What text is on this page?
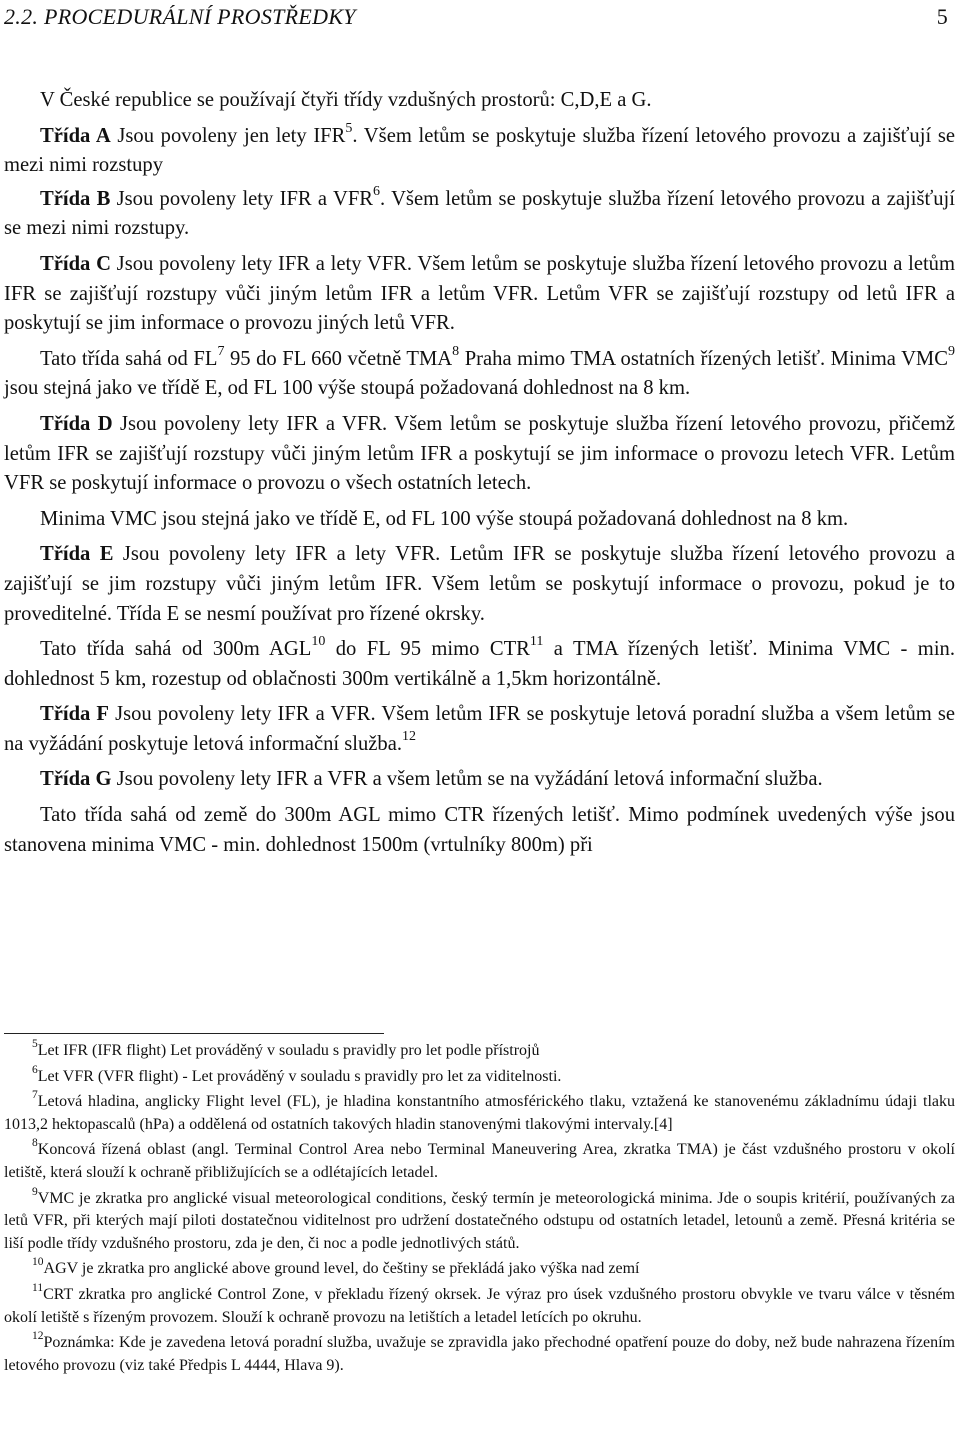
2.2. PROCEDURÁLNÍ PROSTŘEDKY	5

V České republice se používají čtyři třídy vzdušných prostorů: C,D,E a G.

Třída A Jsou povoleny jen lety IFR$^5$. Všem letům se poskytuje služba řízení letového provozu a zajišťují se mezi nimi rozstupy

Třída B Jsou povoleny lety IFR a VFR$^6$. Všem letům se poskytuje služba řízení letového provozu a zajišťují se mezi nimi rozstupy.

Třída C Jsou povoleny lety IFR a lety VFR. Všem letům se poskytuje služba řízení letového provozu a letům IFR se zajišťují rozstupy vůči jiným letům IFR a letům VFR. Letům VFR se zajišťují rozstupy od letů IFR a poskytují se jim informace o provozu jiných letů VFR.

Tato třída sahá od $FL^7$ 95 do FL 660 včetně TMA$^8$ Praha mimo TMA ostatních řízených letišť. Minima VMC$^9$ jsou stejná jako ve třídě E, od FL 100 výše stoupá požadovaná dohlednost na 8 km.

Třída D Jsou povoleny lety IFR a VFR. Všem letům se poskytuje služba řízení letového provozu, přičemž letům IFR se zajišťují rozstupy vůči jiným letům IFR a poskytují se jim informace o provozu letech VFR. Letům VFR se poskytují informace o provozu o všech ostatních letech.

Minima VMC jsou stejná jako ve třídě E, od FL 100 výše stoupá požadovaná dohlednost na 8 km.

Třída E Jsou povoleny lety IFR a lety VFR. Letům IFR se poskytuje služba řízení letového provozu a zajišťují se jim rozstupy vůči jiným letům IFR. Všem letům se poskytují informace o provozu, pokud je to proveditelné. Třída E se nesmí používat pro řízené okrsky.

Tato třída sahá od 300m AGL$^{10}$ do FL 95 mimo CTR$^{11}$ a TMA řízených letišť. Minima VMC - min. dohlednost 5 km, rozestup od oblačnosti 300m vertikálně a 1,5km horizontálně.

Třída F Jsou povoleny lety IFR a VFR. Všem letům IFR se poskytuje letová poradní služba a všem letům se na vyžádání poskytuje letová informační služba.$^{12}$

Třída G Jsou povoleny lety IFR a VFR a všem letům se na vyžádání letová informační služba.

Tato třída sahá od země do 300m AGL mimo CTR řízených letišť. Mimo podmínek uvedených výše jsou stanovena minima VMC - min. dohlednost 1500m (vrtulníky 800m) při

$^5$Let IFR (IFR flight) Let prováděný v souladu s pravidly pro let podle přístrojů

$^6$Let VFR (VFR flight) - Let prováděný v souladu s pravidly pro let za viditelnosti.

$^7$Letová hladina, anglicky Flight level (FL), je hladina konstantního atmosférického tlaku, vztažená ke stanovenému základnímu údaji tlaku 1013,2 hektopascalů (hPa) a oddělená od ostatních takových hladin stanovenými tlakovými intervaly.[4]

$^8$Koncová řízená oblast (angl. Terminal Control Area nebo Terminal Maneuvering Area, zkratka TMA) je část vzdušného prostoru v okolí letiště, která slouží k ochraně přibližujících se a odlétajících letadel.

$^9$VMC je zkratka pro anglické visual meteorological conditions, český termín je meteorologická minima. Jde o soupis kritérií, používaných za letů VFR, při kterých mají piloti dostatečnou viditelnost pro udržení dostatečného odstupu od ostatních letadel, letounů a země. Přesná kritéria se liší podle třídy vzdušného prostoru, zda je den, či noc a podle jednotlivých států.

$^{10}$AGV je zkratka pro anglické above ground level, do češtiny se překládá jako výška nad zemí

$^{11}$CRT zkratka pro anglické Control Zone, v překladu řízený okrsek. Je výraz pro úsek vzdušného prostoru obvykle ve tvaru válce v těsném okolí letiště s řízeným provozem. Slouží k ochraně provozu na letištích a letadel letících po okruhu.

$^{12}$Poznámka: Kde je zavedena letová poradní služba, uvažuje se zpravidla jako přechodné opatření pouze do doby, než bude nahrazena řízením letového provozu (viz také Předpis L 4444, Hlava 9).
